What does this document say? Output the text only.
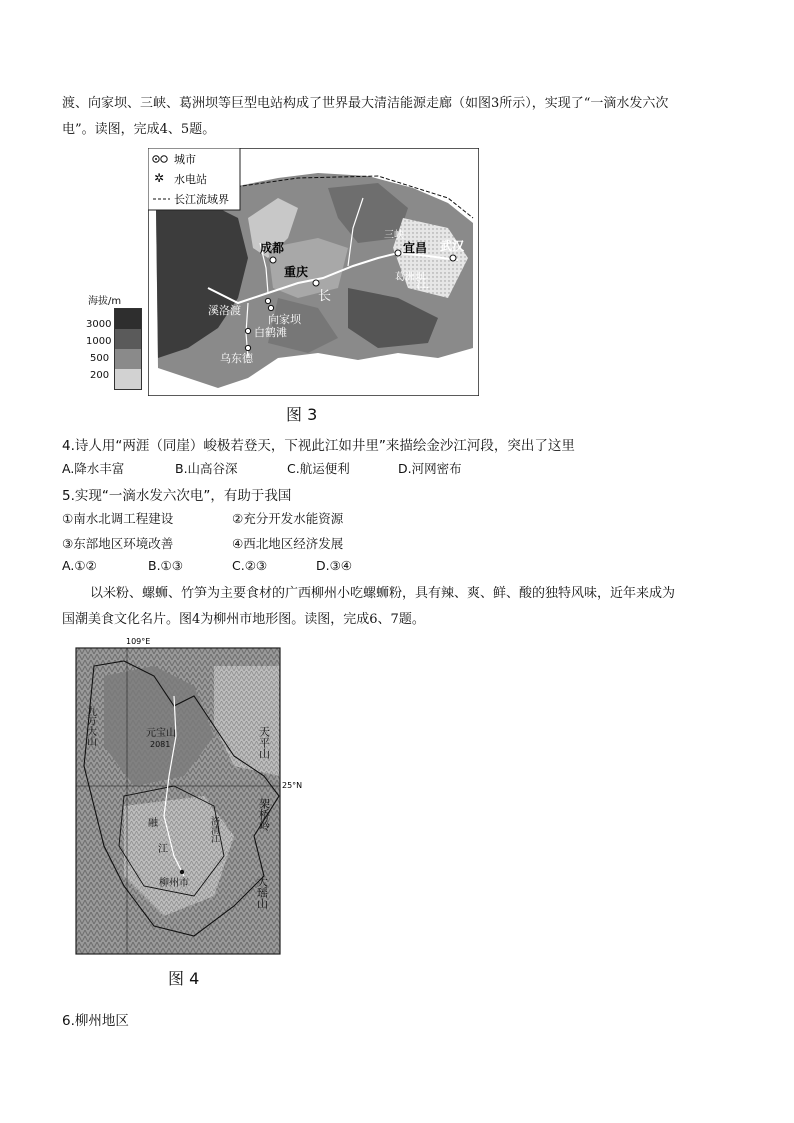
渡、向家坝、三峡、葛洲坝等巨型电站构成了世界最大清洁能源走廊（如图3所示），实现了“一滴水发六次
电”。读图，完成4、5题。
城市
✲ 水电站
长江流域界
成都
重庆
宜昌 武汉
长
江
三峡
葛洲坝
溪洛渡
向家坝
白鹤滩
乌东德
海拔/m
3000
1000
500
200
图 3
4.诗人用“两涯（同崖）峻极若登天，下视此江如井里”来描绘金沙江河段，突出了这里
A.降水丰富	B.山高谷深	C.航运便利	D.河网密布
5.实现“一滴水发六次电”，有助于我国
①南水北调工程建设	②充分开发水能资源
③东部地区环境改善	④西北地区经济发展
A.①②	B.①③	C.②③	D.③④
以米粉、螺蛳、竹笋为主要食材的广西柳州小吃螺蛳粉，具有辣、爽、鲜、酸的独特风味，近年来成为
国潮美食文化名片。图4为柳州市地形图。读图，完成6、7题。
109°E
25°N
元宝山
2081
九万大山	天平山
架桥岭
大瑶山
融
江
洛清江
柳州市
图 4
6.柳州地区
